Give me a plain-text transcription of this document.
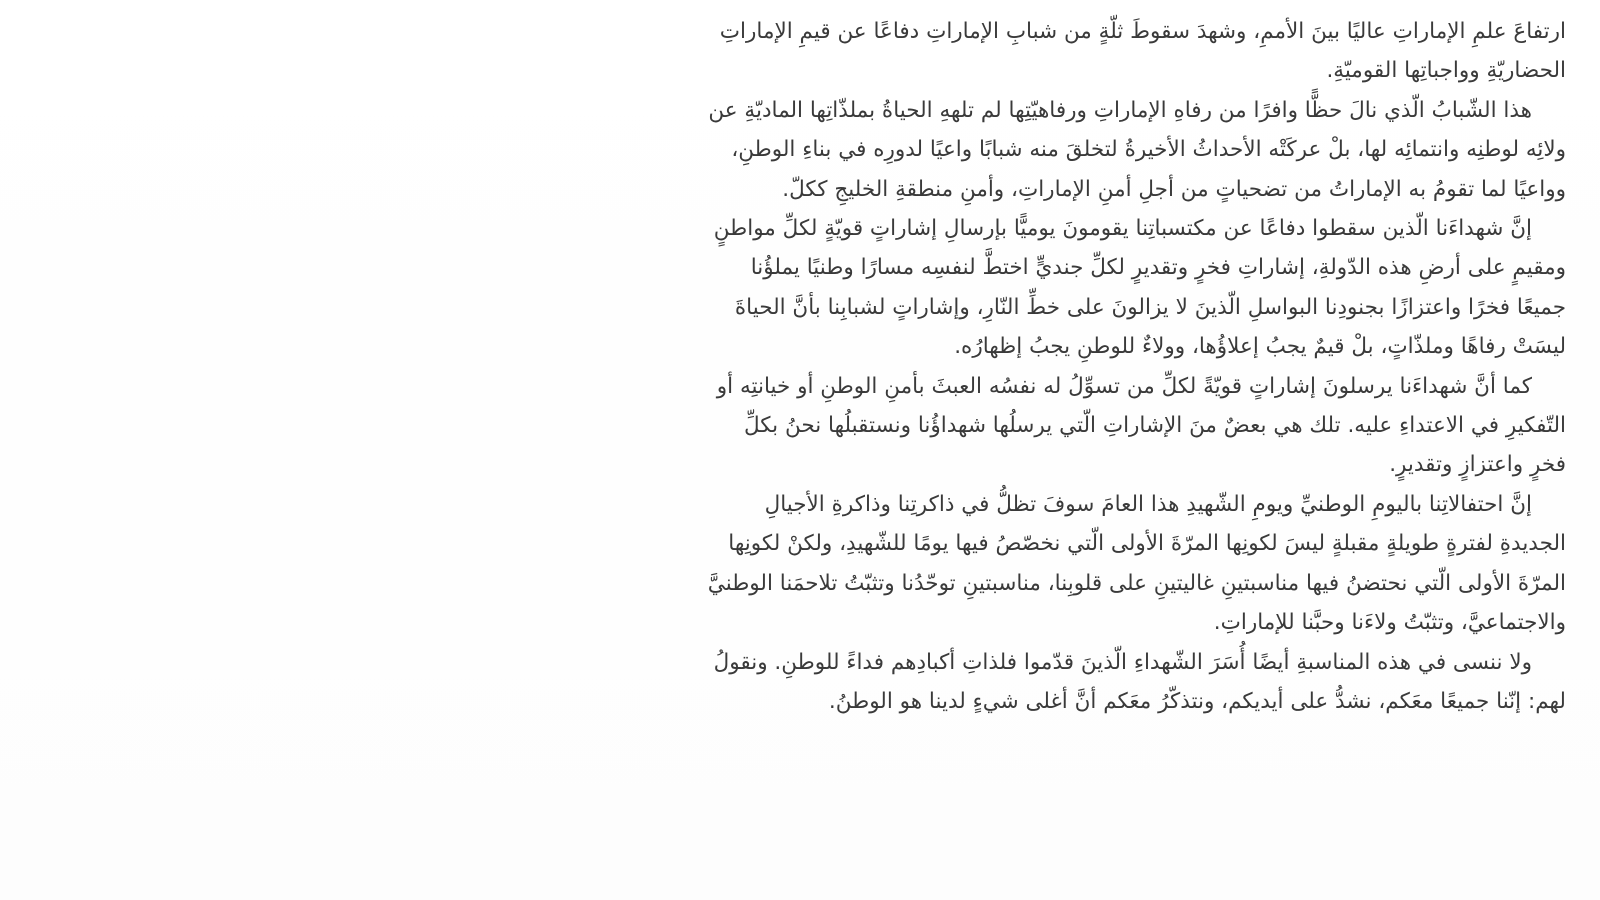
ارتفاعَ علمِ الإماراتِ عاليًا بينَ الأممِ، وشهدَ سقوطَ ثلّةٍ من شبابِ الإماراتِ دفاعًا عن قيمِ الإماراتِ
الحضاريّةِ وواجباتِها القوميّةِ.

هذا الشّبابُ الّذي نالَ حظًّا وافرًا من رفاهِ الإماراتِ ورفاهيّتِها لم تلههِ الحياةُ بملذّاتِها الماديّةِ عن
ولائِه لوطنِه وانتمائِه لها، بلْ عركَتْه الأحداثُ الأخيرةُ لتخلقَ منه شبابًا واعيًا لدورِه في بناءِ الوطنِ،
وواعيًا لما تقومُ به الإماراتُ من تضحياتٍ من أجلِ أمنِ الإماراتِ، وأمنِ منطقةِ الخليجِ ككلّ.

إنَّ شهداءَنا الّذين سقطوا دفاعًا عن مكتسباتِنا يقومونَ يوميًّا بإرسالِ إشاراتٍ قويّةٍ لكلِّ مواطنٍ
ومقيمٍ على أرضِ هذه الدّولةِ، إشاراتِ فخرٍ وتقديرٍ لكلِّ جنديٍّ اختطَّ لنفسِه مسارًا وطنيًا يملؤُنا
جميعًا فخرًا واعتزازًا بجنودِنا البواسلِ الّذينَ لا يزالونَ على خطِّ النّارِ، وإشاراتٍ لشبابِنا بأنَّ الحياةَ
ليسَتْ رفاهًا وملذّاتٍ، بلْ قيمٌ يجبُ إعلاؤُها، وولاءٌ للوطنِ يجبُ إظهارُه.

كما أنَّ شهداءَنا يرسلونَ إشاراتٍ قويّةً لكلِّ من تسوِّلُ له نفسُه العبثَ بأمنِ الوطنِ أو خيانتِه أو
التّفكيرِ في الاعتداءِ عليه. تلك هي بعضٌ منَ الإشاراتِ الّتي يرسلُها شهداؤُنا ونستقبلُها نحنُ بكلِّ
فخرٍ واعتزازٍ وتقديرٍ.

إنَّ احتفالاتِنا باليومِ الوطنيِّ ويومِ الشّهيدِ هذا العامَ سوفَ تظلُّ في ذاكرتِنا وذاكرةِ الأجيالِ
الجديدةِ لفترةٍ طويلةٍ مقبلةٍ ليسَ لكونِها المرّةَ الأولى الّتي نخصّصُ فيها يومًا للشّهيدِ، ولكنْ لكونِها
المرّةَ الأولى الّتي نحتضنُ فيها مناسبتينِ غاليتينِ على قلوبِنا، مناسبتينِ توحّدُنا وتثبّتُ تلاحمَنا الوطنيَّ
والاجتماعيَّ، وتثبّتُ ولاءَنا وحبَّنا للإماراتِ.

ولا ننسى في هذه المناسبةِ أيضًا أُسَرَ الشّهداءِ الّذينَ قدّموا فلذاتِ أكبادِهم فداءً للوطنِ. ونقولُ
لهم: إنّنا جميعًا معَكم، نشدُّ على أيديكم، ونتذكّرُ معَكم أنَّ أغلى شيءٍ لدينا هو الوطنُ.
